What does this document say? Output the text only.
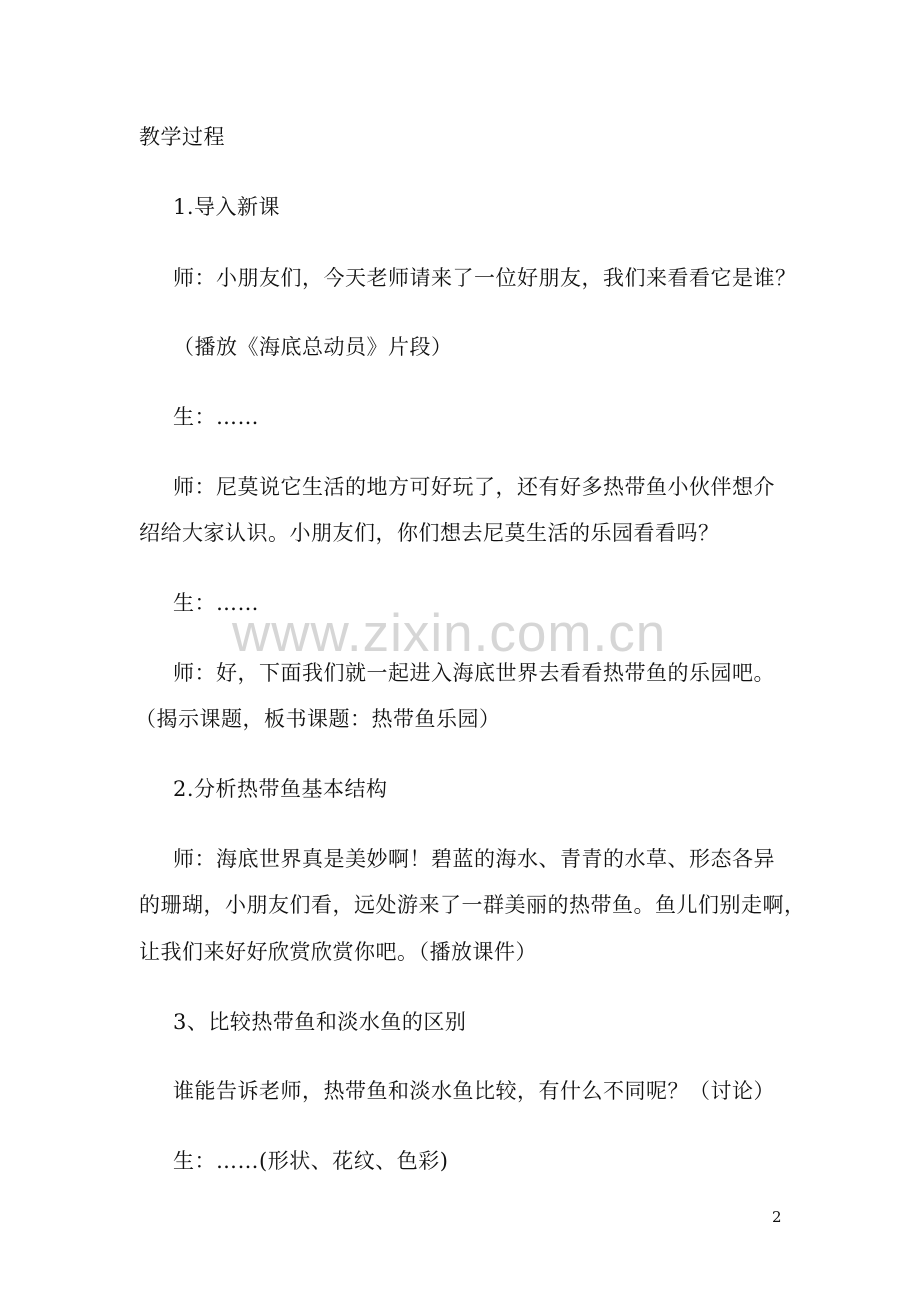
教学过程
1.导入新课
师：小朋友们，今天老师请来了一位好朋友，我们来看看它是谁？
（播放《海底总动员》片段）
生：……
师：尼莫说它生活的地方可好玩了，还有好多热带鱼小伙伴想介
绍给大家认识。小朋友们，你们想去尼莫生活的乐园看看吗？
生：……
师：好，下面我们就一起进入海底世界去看看热带鱼的乐园吧。
（揭示课题，板书课题：热带鱼乐园）
2.分析热带鱼基本结构
师：海底世界真是美妙啊！碧蓝的海水、青青的水草、形态各异
的珊瑚，小朋友们看，远处游来了一群美丽的热带鱼。鱼儿们别走啊，
让我们来好好欣赏欣赏你吧。（播放课件）
3、比较热带鱼和淡水鱼的区别
谁能告诉老师，热带鱼和淡水鱼比较，有什么不同呢？（讨论）
生：……(形状、花纹、色彩)
www.zixin.com.cn
2
